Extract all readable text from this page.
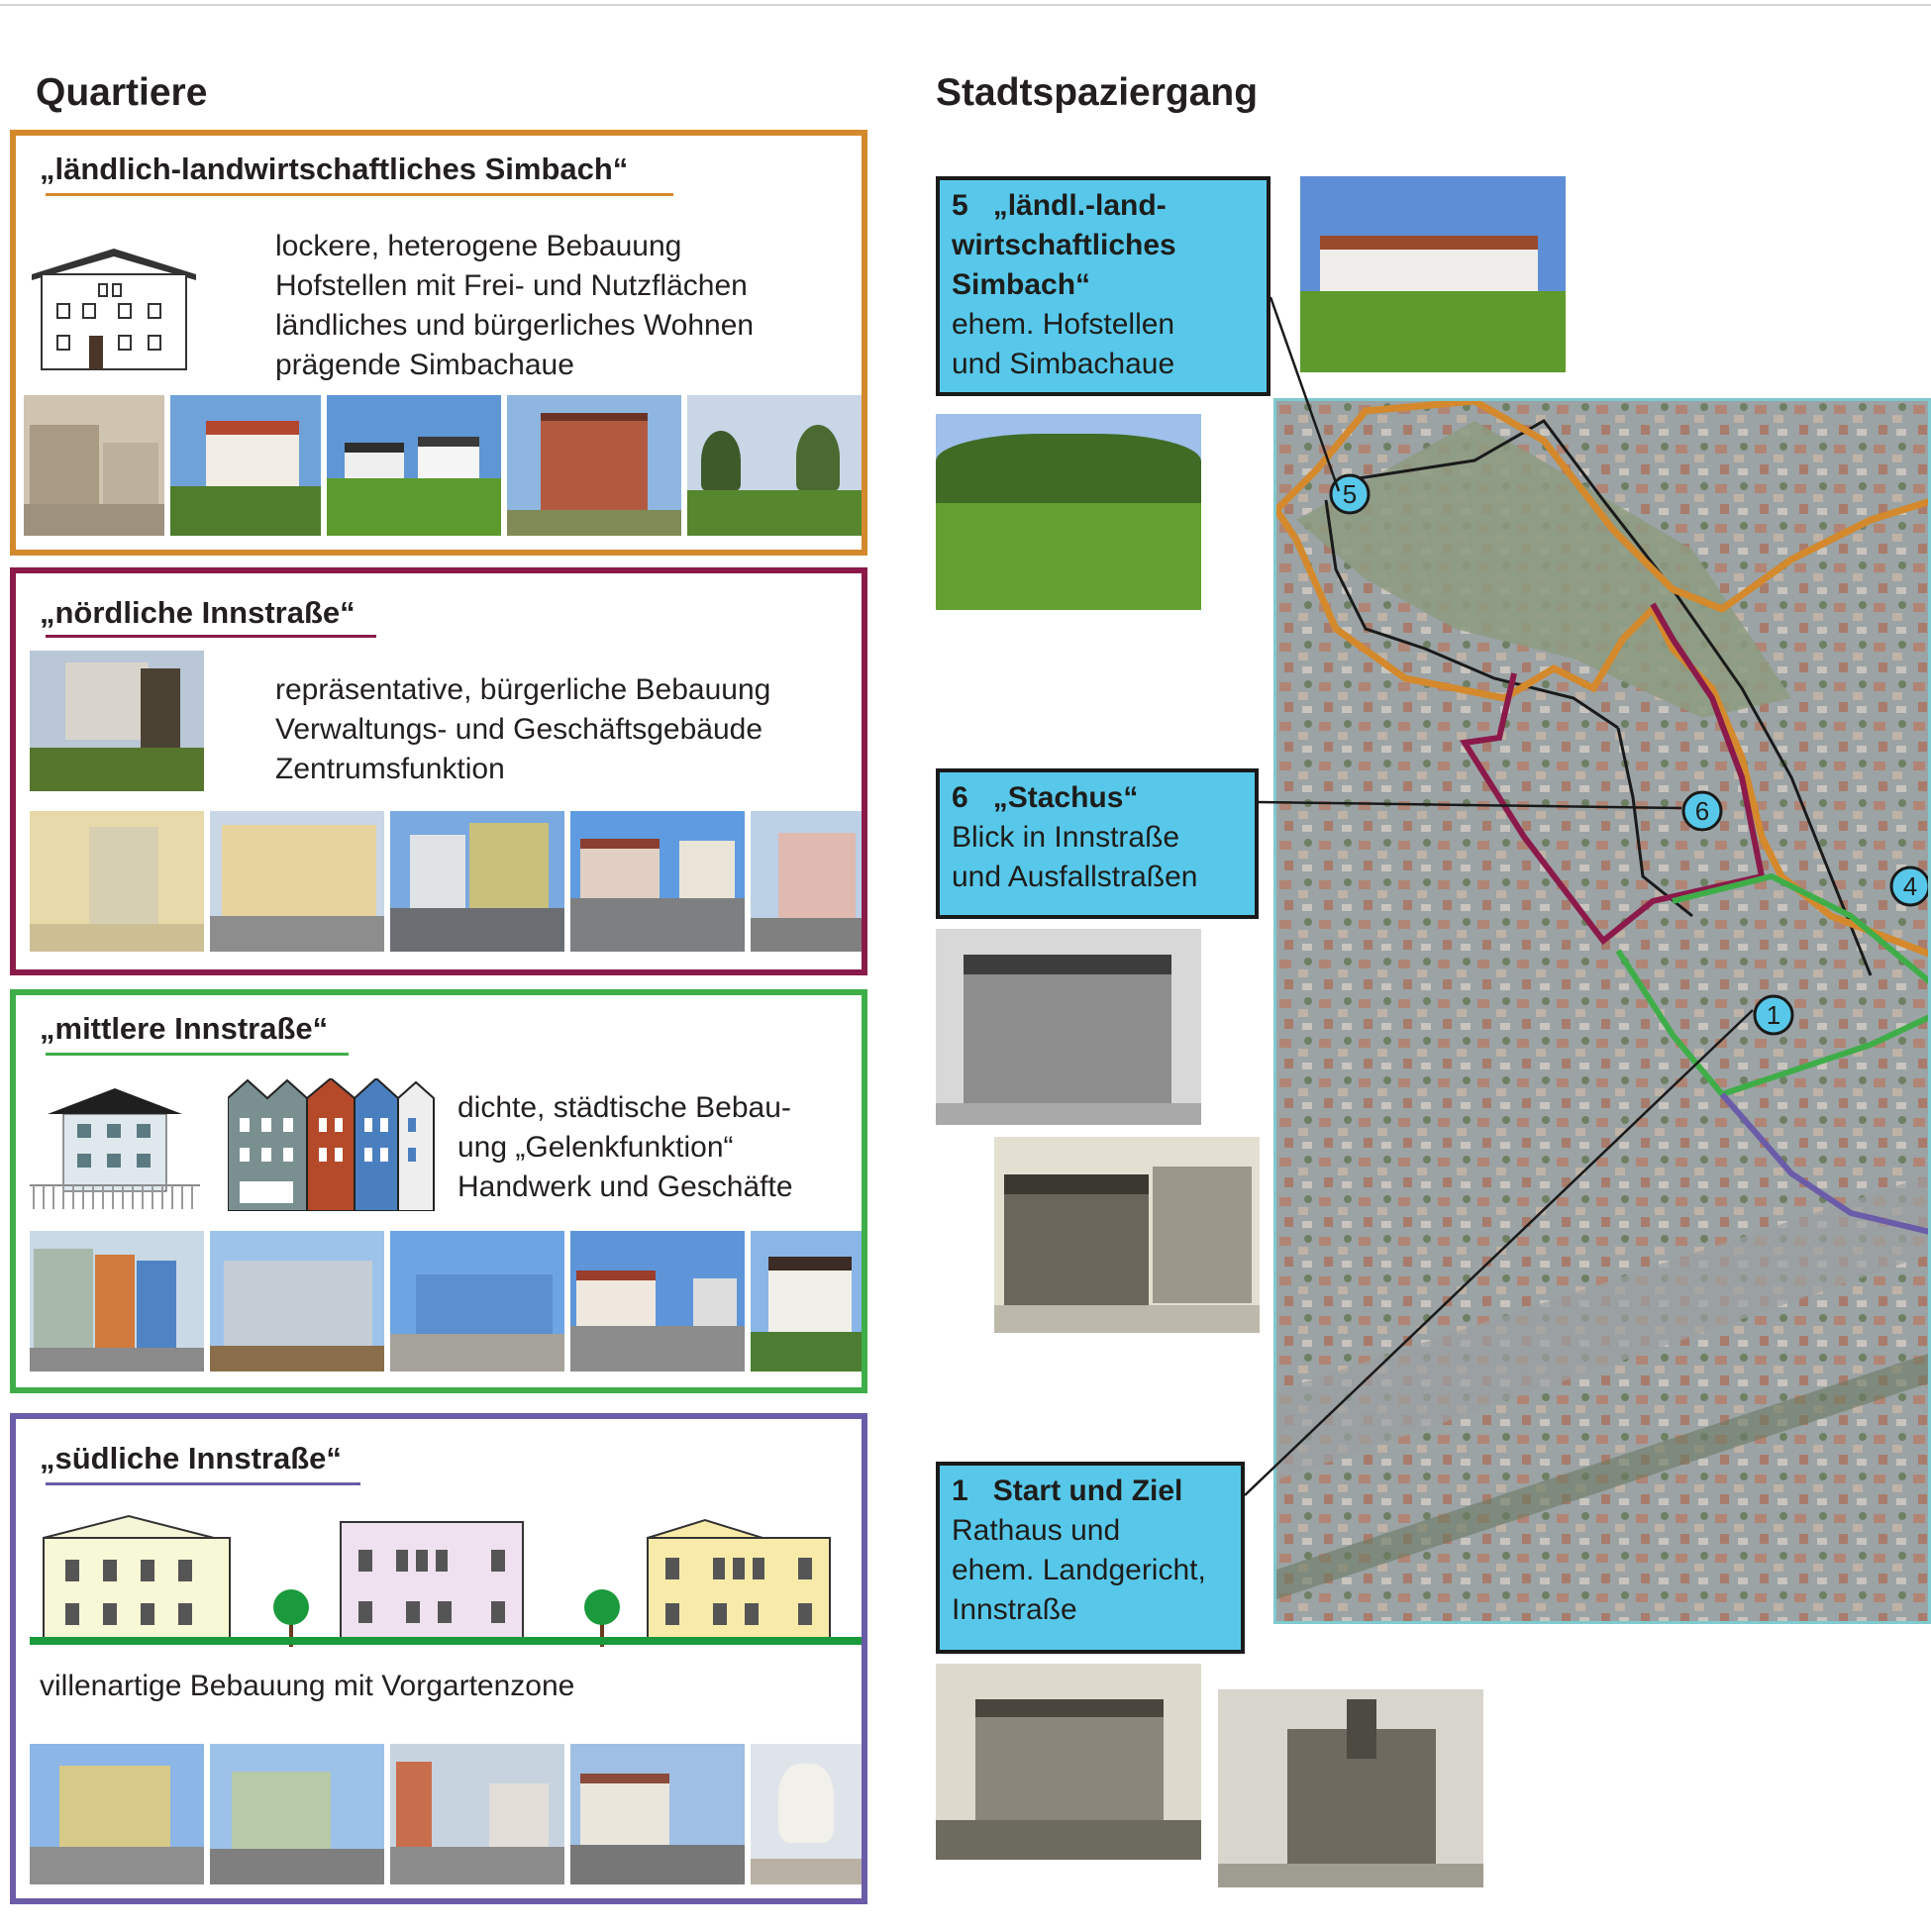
Quartiere	Stadtspaziergang
„ländlich-landwirtschaftliches Simbach“
lockere, heterogene Bebauung
Hofstellen mit Frei- und Nutzflächen
ländliches und bürgerliches Wohnen
prägende Simbachaue
„nördliche Innstraße“
repräsentative, bürgerliche Bebauung
Verwaltungs- und Geschäftsgebäude
Zentrumsfunktion
„mittlere Innstraße“
dichte, städtische Bebau-
ung „Gelenkfunktion“
Handwerk und Geschäfte
„südliche Innstraße“
villenartige Bebauung mit Vorgartenzone
5 „ländl.-land-
wirtschaftliches
Simbach“
ehem. Hofstellen
und Simbachaue
6 „Stachus“
Blick in Innstraße
und Ausfallstraßen
1 Start und Ziel
Rathaus und
ehem. Landgericht,
Innstraße
5
6
4
1
